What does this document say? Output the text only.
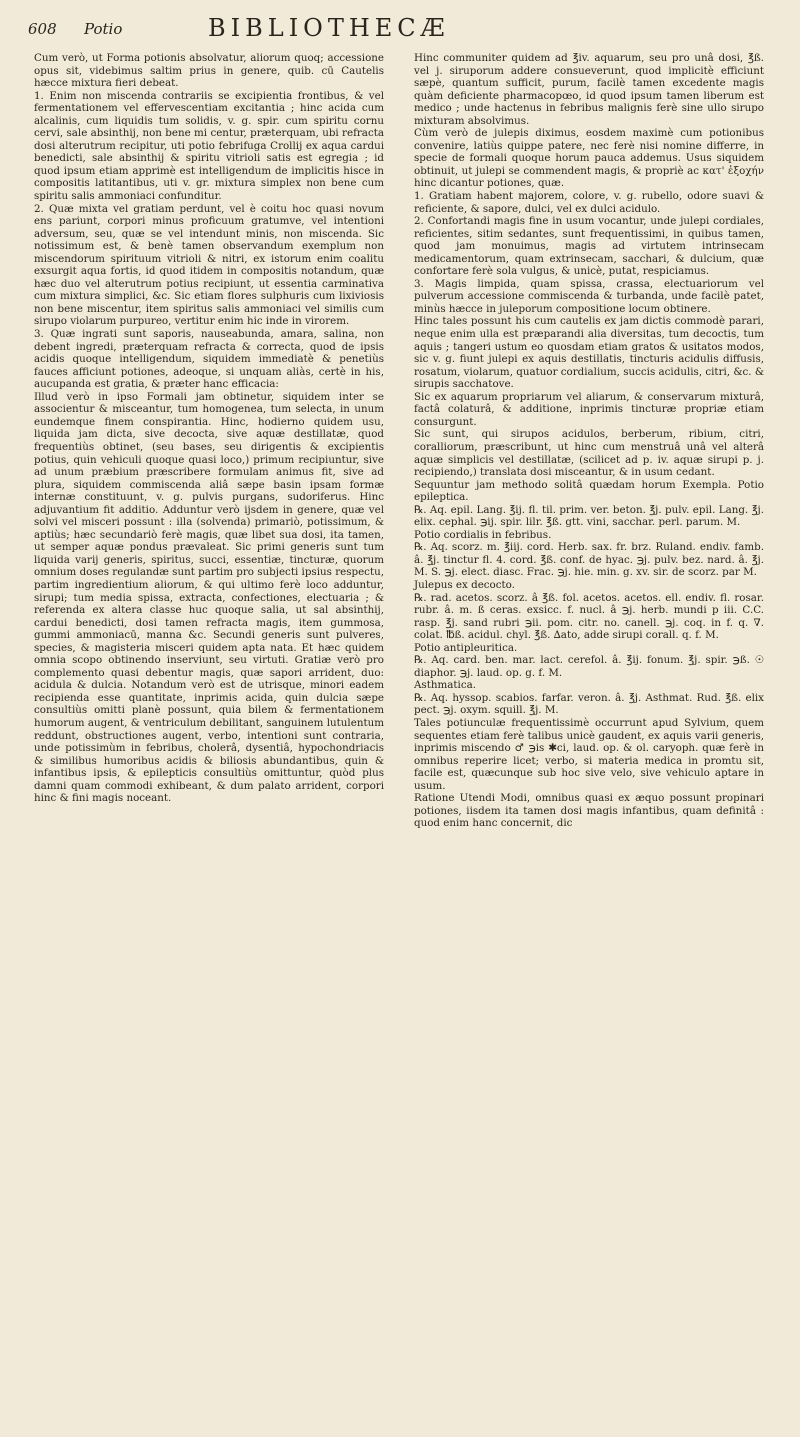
608 Potio	BIBLIOTHECÆ

Cum verò, ut Forma potionis absolvatur, aliorum quoq; accessione opus sit, videbimus saltim prius in genere, quib. cū Cautelis hæcce mixtura fieri debeat.

1. Enim non miscenda contrariis se excipientia frontibus, & vel fermentationem vel effervescentiam excitantia ; hinc acida cum alcalinis, cum liquidis tum solidis, v. g. spir. cum spiritu cornu cervi, sale absinthij, non bene mi centur, præterquam, ubi refracta dosi alterutrum recipitur, uti potio febrifuga Crollij ex aqua cardui benedicti, sale absinthij & spiritu vitrioli satis est egregia ; id quod ipsum etiam apprimè est intelligendum de implicitis hisce in compositis latitantibus, uti v. gr. mixtura simplex non bene cum spiritu salis ammoniaci confunditur.

2. Quæ mixta vel gratiam perdunt, vel è coitu hoc quasi novum ens pariunt, corpori minus proficuum gratumve, vel intentioni adversum, seu, quæ se vel intendunt minis, non miscenda. Sic notissimum est, & benè tamen observandum exemplum non miscendorum spirituum vitrioli & nitri, ex istorum enim coalitu exsurgit aqua fortis, id quod itidem in compositis notandum, quæ hæc duo vel alterutrum potius recipiunt, ut essentia carminativa cum mixtura simplici, &c. Sic etiam flores sulphuris cum lixiviosis non bene miscentur, item spiritus salis ammoniaci vel similis cum sirupo violarum purpureo, vertitur enim hic inde in virorem.

3. Quæ ingrati sunt saporis, nauseabunda, amara, salina, non debent ingredi, præterquam refracta & correcta, quod de ipsis acidis quoque intelligendum, siquidem immediatè & penetiùs fauces afficiunt potiones, adeoque, si unquam aliàs, certè in his, aucupanda est gratia, & præter hanc efficacia:

Illud verò in ipso Formali jam obtinetur, siquidem inter se associentur & misceantur, tum homogenea, tum selecta, in unum eundemque finem conspirantia. Hinc, hodierno quidem usu, liquida jam dicta, sive decocta, sive aquæ destillatæ, quod frequentiùs obtinet, (seu bases, seu dirigentis & excipientis potius, quin vehiculi quoque quasi loco,) primum recipiuntur, sive ad unum præbium præscribere formulam animus fit, sive ad plura, siquidem commiscenda aliâ sæpe basin ipsam formæ internæ constituunt, v. g. pulvis purgans, sudoriferus. Hinc adjuvantium fit additio. Adduntur verò ijsdem in genere, quæ vel solvi vel misceri possunt : illa (solvenda) primariò, potissimum, & aptiùs; hæc secundariò ferè magis, quæ libet sua dosi, ita tamen, ut semper aquæ pondus prævaleat. Sic primi generis sunt tum liquida varij generis, spiritus, succi, essentiæ, tincturæ, quorum omnium doses regulandæ sunt partim pro subjecti ipsius respectu, partim ingredientium aliorum, & qui ultimo ferè loco adduntur, sirupi; tum media spissa, extracta, confectiones, electuaria ; & referenda ex altera classe huc quoque salia, ut sal absinthij, cardui benedicti, dosi tamen refracta magis, item gummosa, gummi ammoniacū, manna &c. Secundi generis sunt pulveres, species, & magisteria misceri quidem apta nata. Et hæc quidem omnia scopo obtinendo inserviunt, seu virtuti. Gratiæ verò pro complemento quasi debentur magis, quæ sapori arrident, duo: acidula & dulcia. Notandum verò est de utrisque, minori eadem recipienda esse quantitate, inprimis acida, quin dulcia sæpe consultiùs omitti planè possunt, quia bilem & fermentationem humorum augent, & ventriculum debilitant, sanguinem lutulentum reddunt, obstructiones augent, verbo, intentioni sunt contraria, unde potissimùm in febribus, cholerâ, dysentiâ, hypochondriacis & similibus humoribus acidis & biliosis abundantibus, quin & infantibus ipsis, & epilepticis consultiùs omittuntur, quòd plus damni quam commodi exhibeant, & dum palato arrident, corpori hinc & fini magis noceant.

Hinc communiter quidem ad ℥iv. aquarum, seu pro unâ dosi, ℥ß. vel j. siruporum addere consueverunt, quod implicitè efficiunt sæpè, quantum sufficit, purum, facilè tamen excedente magis quàm deficiente pharmacopœo, id quod ipsum tamen liberum est medico ; unde hactenus in febribus malignis ferè sine ullo sirupo mixturam absolvimus.

Cùm verò de julepis diximus, eosdem maximè cum potionibus convenire, latiùs quippe patere, nec ferè nisi nomine differre, in specie de formali quoque horum pauca addemus. Usus siquidem obtinuit, ut julepi se commendent magis, & propriè ac κατ' ἐξοχήν hinc dicantur potiones, quæ.

1. Gratiam habent majorem, colore, v. g. rubello, odore suavi & reficiente, & sapore, dulci, vel ex dulci acidulo.

2. Confortandi magis fine in usum vocantur, unde julepi cordiales, reficientes, sitim sedantes, sunt frequentissimi, in quibus tamen, quod jam monuimus, magis ad virtutem intrinsecam medicamentorum, quam extrinsecam, sacchari, & dulcium, quæ confortare ferè sola vulgus, & unicè, putat, respiciamus.

3. Magis limpida, quam spissa, crassa, electuariorum vel pulverum accessione commiscenda & turbanda, unde facilè patet, minùs hæcce in juleporum compositione locum obtinere.

Hinc tales possunt his cum cautelis ex jam dictis commodè parari, neque enim ulla est præparandi alia diversitas, tum decoctis, tum aquis ; tangeri ustum eo quosdam etiam gratos & usitatos modos, sic v. g. fiunt julepi ex aquis destillatis, tincturis acidulis diffusis, rosatum, violarum, quatuor cordialium, succis acidulis, citri, &c. & sirupis sacchatove.

Sic ex aquarum propriarum vel aliarum, & conservarum mixturâ, factâ colaturâ, & additione, inprimis tincturæ propriæ etiam consurgunt.

Sic sunt, qui sirupos acidulos, berberum, ribium, citri, coralliorum, præscribunt, ut hinc cum menstruâ unâ vel alterâ aquæ simplicis vel destillatæ, (scilicet ad p. iv. aquæ sirupi p. j. recipiendo,) translata dosi misceantur, & in usum cedant.

Sequuntur jam methodo solitâ quædam horum Exempla. Potio epileptica.

℞. Aq. epil. Lang. ℥ij. fl. til. prim. ver. beton. ℥j. pulv. epil. Lang. ℥j. elix. cephal. ℈ij. spir. lilr. ℥ß. gtt. vini, sacchar. perl. parum. M.

Potio cordialis in febribus.

℞. Aq. scorz. m. ℥iij. cord. Herb. sax. fr. brz. Ruland. endiv. famb. â. ℥j. tinctur fl. 4. cord. ℥ß. conf. de hyac. ℈j. pulv. bez. nard. â. ℥j. M. S. ℈j. elect. diasc. Frac. ℈j. hie. min. g. xv. sir. de scorz. par M.

Julepus ex decocto.

℞. rad. acetos. scorz. â ℥ß. fol. acetos. acetos. ell. endiv. fl. rosar. rubr. â. m. ß ceras. exsicc. f. nucl. â ℈j. herb. mundi p iii. C.C. rasp. ℥j. sand rubri ℈ii. pom. citr. no. canell. ℈j. coq. in f. q. ∇. colat. ℔ß. acidul. chyl. ℥ß. ∆ato, adde sirupi corall. q. f. M.

Potio antipleuritica.

℞. Aq. card. ben. mar. lact. cerefol. â. ℥ij. fonum. ℥j. spir. ℈ß. ☉ diaphor. ℈j. laud. op. g. f. M.

Asthmatica.

℞. Aq. hyssop. scabios. farfar. veron. â. ℥j. Asthmat. Rud. ℥ß. elix pect. ℈j. oxym. squill. ℥j. M.

Tales potiunculæ frequentissimè occurrunt apud Sylvium, quem sequentes etiam ferè talibus unicè gaudent, ex aquis varii generis, inprimis miscendo ♂ ℈is ✱ci, laud. op. & ol. caryoph. quæ ferè in omnibus reperire licet; verbo, si materia medica in promtu sit, facile est, quæcunque sub hoc sive velo, sive vehiculo aptare in usum.

Ratione Utendi Modi, omnibus quasi ex æquo possunt propinari potiones, iisdem ita tamen dosi magis infantibus, quam definitâ : quod enim hanc concernit, dic
